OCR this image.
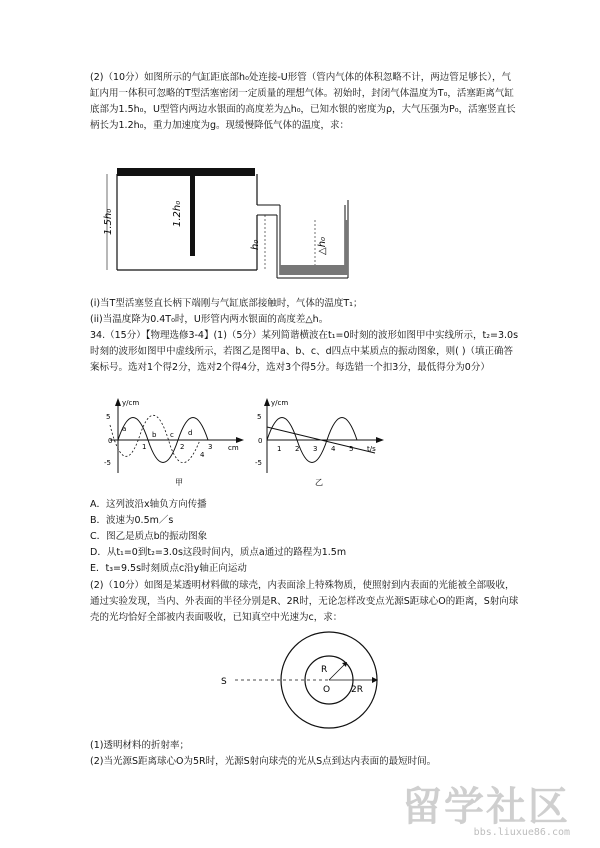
(2)（10分）如图所示的气缸距底部h₀处连接-U形管（管内气体的体积忽略不计，两边管足够长），气缸内用一体积可忽略的T型活塞密闭一定质量的理想气体。初始时，封闭气体温度为T₀，活塞距离气缸底部为1.5h₀，U型管内两边水银面的高度差为△h₀，已知水银的密度为ρ，大气压强为P₀，活塞竖直长柄长为1.2h₀，重力加速度为g。现缓慢降低气体的温度，求：

h₀
1.5h₀	1.2h₀
△h₀

(i)当T型活塞竖直长柄下端刚与气缸底部接触时，气体的温度T₁；

(ii)当温度降为0.4T₀时，U形管内两水银面的高度差△h。

34.（15分）【物理选修3-4】(1)（5分）某列简谐横波在t₁=0时刻的波形如图甲中实线所示，t₂=3.0s时刻的波形如图甲中虚线所示，若图乙是图甲a、b、c、d四点中某质点的振动图象，则( )（填正确答案标号。选对1个得2分，选对2个得4分，选对3个得5分。每选错一个扣3分，最低得分为0分）

y/cm
5
0
-5
a
b c d
1	2	3
4
cm
甲
y/cm
5
0
-5
1 2 3 4 5 t/s
乙
A．这列波沿x轴负方向传播
B．波速为0.5m／s
C．图乙是质点b的振动图象
D．从t₁=0到t₂=3.0s这段时间内，质点a通过的路程为1.5m
E．t₃=9.5s时刻质点c沿y轴正向运动

(2)（10分）如图是某透明材料做的球壳，内表面涂上特殊物质，使照射到内表面的光能被全部吸收，通过实验发现，当内、外表面的半径分别是R、2R时，无论怎样改变点光源S距球心O的距离，S射向球壳的光均恰好全部被内表面吸收，已知真空中光速为c，求：

S
R
O 2R

(1)透明材料的折射率；

(2)当光源S距离球心O为5R时，光源S射向球壳的光从S点到达内表面的最短时间。

留学社区
bbs.liuxue86.com
